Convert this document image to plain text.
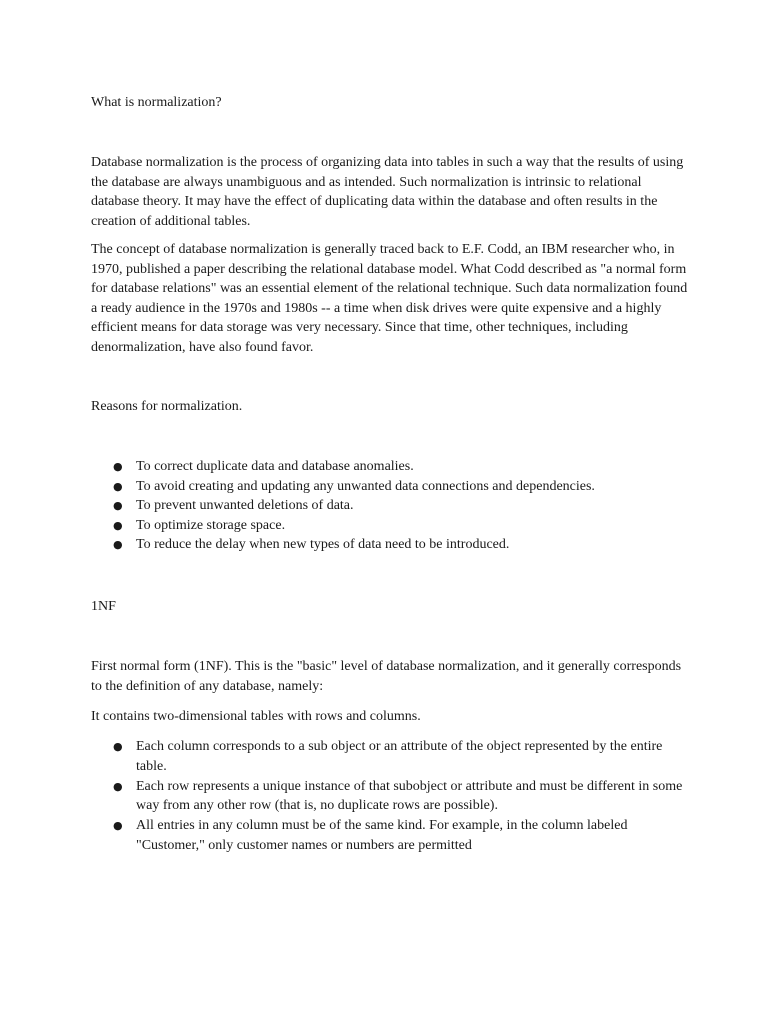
What is normalization?

Database normalization is the process of organizing data into tables in such a way that the results of using the database are always unambiguous and as intended. Such normalization is intrinsic to relational database theory. It may have the effect of duplicating data within the database and often results in the creation of additional tables.

The concept of database normalization is generally traced back to E.F. Codd, an IBM researcher who, in 1970, published a paper describing the relational database model. What Codd described as "a normal form for database relations" was an essential element of the relational technique. Such data normalization found a ready audience in the 1970s and 1980s -- a time when disk drives were quite expensive and a highly efficient means for data storage was very necessary. Since that time, other techniques, including denormalization, have also found favor.

Reasons for normalization.

● To correct duplicate data and database anomalies.
● To avoid creating and updating any unwanted data connections and dependencies.
● To prevent unwanted deletions of data.
● To optimize storage space.
● To reduce the delay when new types of data need to be introduced.

1NF

First normal form (1NF). This is the "basic" level of database normalization, and it generally corresponds to the definition of any database, namely:

It contains two-dimensional tables with rows and columns.

● Each column corresponds to a sub object or an attribute of the object represented by the entire table.
● Each row represents a unique instance of that subobject or attribute and must be different in some way from any other row (that is, no duplicate rows are possible).
● All entries in any column must be of the same kind. For example, in the column labeled "Customer," only customer names or numbers are permitted
